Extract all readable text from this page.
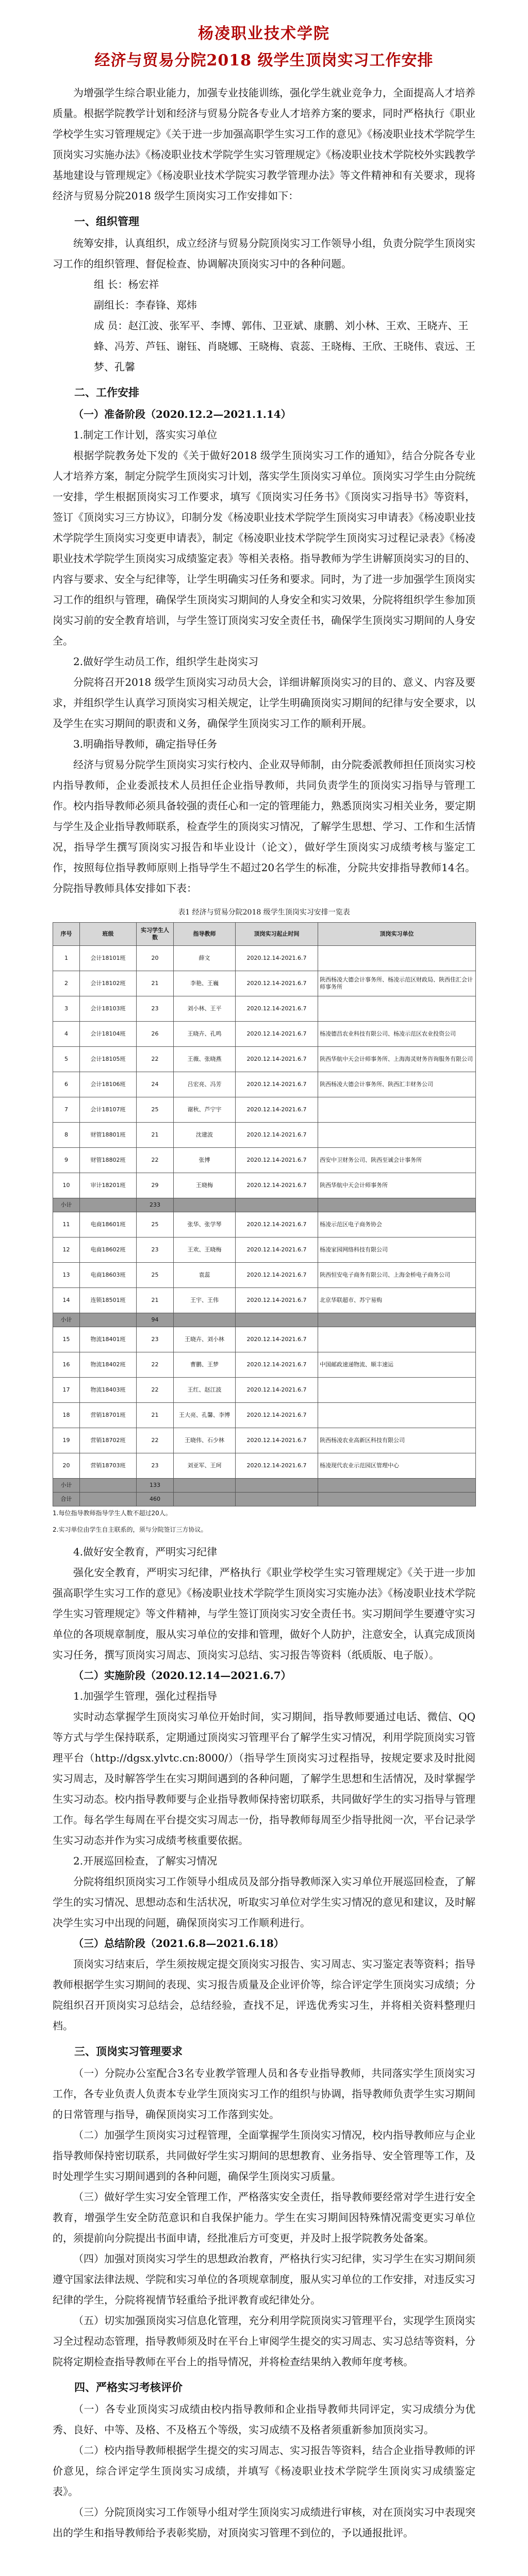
杨凌职业技术学院
经济与贸易分院2018 级学生顶岗实习工作安排

为增强学生综合职业能力，加强专业技能训练，强化学生就业竞争力，全面提高人才培养质量。根据学院教学计划和经济与贸易分院各专业人才培养方案的要求，同时严格执行《职业学校学生实习管理规定》《关于进一步加强高职学生实习工作的意见》《杨凌职业技术学院学生顶岗实习实施办法》《杨凌职业技术学院学生实习管理规定》《杨凌职业技术学院校外实践教学基地建设与管理规定》《杨凌职业技术学院实习教学管理办法》等文件精神和有关要求，现将经济与贸易分院2018 级学生顶岗实习工作安排如下：

一、组织管理

统筹安排，认真组织，成立经济与贸易分院顶岗实习工作领导小组，负责分院学生顶岗实习工作的组织管理、督促检查、协调解决顶岗实习中的各种问题。

组 长：杨宏祥

副组长：李春锋、郑炜

成 员：赵江波、张军平、李博、郭伟、卫亚斌、康鹏、刘小林、王欢、王晓卉、王蜂、冯芳、芦钰、谢钰、肖晓娜、王晓梅、袁蕊、王晓梅、王欣、王晓伟、袁远、王梦、孔馨

二、工作安排

（一）准备阶段（2020.12.2—2021.1.14）

1.制定工作计划，落实实习单位

根据学院教务处下发的《关于做好2018 级学生顶岗实习工作的通知》，结合分院各专业人才培养方案，制定分院学生顶岗实习计划，落实学生顶岗实习单位。顶岗实习学生由分院统一安排，学生根据顶岗实习工作要求，填写《顶岗实习任务书》《顶岗实习指导书》等资料，签订《顶岗实习三方协议》，印制分发《杨凌职业技术学院学生顶岗实习申请表》《杨凌职业技术学院学生顶岗实习变更申请表》，制定《杨凌职业技术学院学生顶岗实习过程记录表》《杨凌职业技术学院学生顶岗实习成绩鉴定表》等相关表格。指导教师为学生讲解顶岗实习的目的、内容与要求、安全与纪律等，让学生明确实习任务和要求。同时，为了进一步加强学生顶岗实习工作的组织与管理，确保学生顶岗实习期间的人身安全和实习效果，分院将组织学生参加顶岗实习前的安全教育培训，与学生签订顶岗实习安全责任书，确保学生顶岗实习期间的人身安全。

2.做好学生动员工作，组织学生赴岗实习

分院将召开2018 级学生顶岗实习动员大会，详细讲解顶岗实习的目的、意义、内容及要求，并组织学生认真学习顶岗实习相关规定，让学生明确顶岗实习期间的纪律与安全要求，以及学生在实习期间的职责和义务，确保学生顶岗实习工作的顺利开展。

3.明确指导教师，确定指导任务

经济与贸易分院学生顶岗实习实行校内、企业双导师制，由分院委派教师担任顶岗实习校内指导教师，企业委派技术人员担任企业指导教师，共同负责学生的顶岗实习指导与管理工作。校内指导教师必须具备较强的责任心和一定的管理能力，熟悉顶岗实习相关业务，要定期与学生及企业指导教师联系，检查学生的顶岗实习情况，了解学生思想、学习、工作和生活情况，指导学生撰写顶岗实习报告和毕业设计（论文），做好学生顶岗实习成绩考核与鉴定工作，按照每位指导教师原则上指导学生不超过20名学生的标准，分院共安排指导教师14名。分院指导教师具体安排如下表：

表1 经济与贸易分院2018 级学生顶岗实习安排一览表
序号	班级	实习学生人数	指导教师	顶岗实习起止时间	顶岗实习单位
1	会计18101班	20	薛文	2020.12.14-2021.6.7	
2	会计18102班	21	李艳、王巍	2020.12.14-2021.6.7	陕西杨凌大德会计事务所、杨凌示范区财政局、陕西佳汇会计师事务所
3	会计18103班	23	刘小林、王平	2020.12.14-2021.6.7	
4	会计18104班	26	王晓卉、孔鸣	2020.12.14-2021.6.7	杨凌德昌农业科技有限公司、杨凌示范区农业投资公司
5	会计18105班	22	王薇、张晓燕	2020.12.14-2021.6.7	陕西华航中天会计师事务所、上海海灵财务咨询服务有限公司
6	会计18106班	24	吕宏亮、冯芳	2020.12.14-2021.6.7	陕西杨凌大德会计事务所、陕西汇丰财务公司
7	会计18107班	25	谢秋、芦宁宇	2020.12.14-2021.6.7	
8	财管18801班	21	沈建波	2020.12.14-2021.6.7	
9	财管18802班	22	张博	2020.12.14-2021.6.7	西安中卫财务公司、陕西至诚会计事务所
10	审计18201班	29	王晓梅	2020.12.14-2021.6.7	陕西华航中天会计师事务所
小计		233			
11	电商18601班	25	张华、张学琴	2020.12.14-2021.6.7	杨凌示范区电子商务协会
12	电商18602班	23	王欢、王晓梅	2020.12.14-2021.6.7	杨凌家园网络科技有限公司
13	电商18603班	25	袁蕊	2020.12.14-2021.6.7	陕西恒安电子商务有限公司、上海金桥电子商务公司
14	连锁18501班	21	王宇、王伟	2020.12.14-2021.6.7	北京华联超市、苏宁易购
小计		94			
15	物流18401班	23	王晓卉、刘小林	2020.12.14-2021.6.7	
16	物流18402班	22	曹鹏、王梦	2020.12.14-2021.6.7	中国邮政速递物流、顺丰速运
17	物流18403班	22	王红、赵江波	2020.12.14-2021.6.7	
18	营销18701班	21	王大亮、孔馨、李博	2020.12.14-2021.6.7	
19	营销18702班	22	王晓伟、石少林	2020.12.14-2021.6.7	陕西杨凌农业高新区科技有限公司
20	营销18703班	23	刘亚军、王珂	2020.12.14-2021.6.7	杨凌现代农业示范园区管理中心
小计		133			
合计		460			
1.每位指导教师指导学生人数不超过20人。
2.实习单位由学生自主联系的，须与分院签订三方协议。

4.做好安全教育，严明实习纪律

强化安全教育，严明实习纪律，严格执行《职业学校学生实习管理规定》《关于进一步加强高职学生实习工作的意见》《杨凌职业技术学院学生顶岗实习实施办法》《杨凌职业技术学院学生实习管理规定》等文件精神，与学生签订顶岗实习安全责任书。实习期间学生要遵守实习单位的各项规章制度，服从实习单位的安排和管理，做好个人防护，注意安全，认真完成顶岗实习任务，撰写顶岗实习周志、顶岗实习总结、实习报告等资料（纸质版、电子版）。

（二）实施阶段（2020.12.14—2021.6.7）

1.加强学生管理，强化过程指导

实时动态掌握学生顶岗实习单位开始时间，实习期间，指导教师要通过电话、微信、QQ 等方式与学生保持联系，定期通过顶岗实习管理平台了解学生实习情况，利用学院顶岗实习管理平台（http://dgsx.ylvtc.cn:8000/）（指导学生顶岗实习过程指导，按规定要求及时批阅实习周志，及时解答学生在实习期间遇到的各种问题，了解学生思想和生活情况，及时掌握学生实习动态。校内指导教师要与企业指导教师保持密切联系，共同做好学生的实习指导与管理工作。每名学生每周在平台提交实习周志一份，指导教师每周至少指导批阅一次，平台记录学生实习动态并作为实习成绩考核重要依据。

2.开展巡回检查，了解实习情况

分院将组织顶岗实习工作领导小组成员及部分指导教师深入实习单位开展巡回检查，了解学生的实习情况、思想动态和生活状况，听取实习单位对学生实习情况的意见和建议，及时解决学生实习中出现的问题，确保顶岗实习工作顺利进行。

（三）总结阶段（2021.6.8—2021.6.18）

顶岗实习结束后，学生须按规定提交顶岗实习报告、实习周志、实习鉴定表等资料；指导教师根据学生实习期间的表现、实习报告质量及企业评价等，综合评定学生顶岗实习成绩；分院组织召开顶岗实习总结会，总结经验，查找不足，评选优秀实习生，并将相关资料整理归档。

三、顶岗实习管理要求

（一）分院办公室配合3名专业教学管理人员和各专业指导教师，共同落实学生顶岗实习工作，各专业负责人负责本专业学生顶岗实习工作的组织与协调，指导教师负责学生实习期间的日常管理与指导，确保顶岗实习工作落到实处。

（二）加强学生顶岗实习过程管理，全面掌握学生顶岗实习情况，校内指导教师应与企业指导教师保持密切联系，共同做好学生实习期间的思想教育、业务指导、安全管理等工作，及时处理学生实习期间遇到的各种问题，确保学生顶岗实习质量。

（三）做好学生实习安全管理工作，严格落实安全责任，指导教师要经常对学生进行安全教育，增强学生安全防范意识和自我保护能力。学生在实习期间因特殊情况需变更实习单位的，须提前向分院提出书面申请，经批准后方可变更，并及时上报学院教务处备案。

（四）加强对顶岗实习学生的思想政治教育，严格执行实习纪律，实习学生在实习期间须遵守国家法律法规、学院和实习单位的各项规章制度，服从实习单位的工作安排，对违反实习纪律的学生，分院将视情节轻重给予批评教育或纪律处分。

（五）切实加强顶岗实习信息化管理，充分利用学院顶岗实习管理平台，实现学生顶岗实习全过程动态管理，指导教师须及时在平台上审阅学生提交的实习周志、实习总结等资料，分院将定期检查指导教师在平台上的指导情况，并将检查结果纳入教师年度考核。

四、严格实习考核评价

（一）各专业顶岗实习成绩由校内指导教师和企业指导教师共同评定，实习成绩分为优秀、良好、中等、及格、不及格五个等级，实习成绩不及格者须重新参加顶岗实习。

（二）校内指导教师根据学生提交的实习周志、实习报告等资料，结合企业指导教师的评价意见，综合评定学生顶岗实习成绩，并填写《杨凌职业技术学院学生顶岗实习成绩鉴定表》。

（三）分院顶岗实习工作领导小组对学生顶岗实习成绩进行审核，对在顶岗实习中表现突出的学生和指导教师给予表彰奖励，对顶岗实习管理不到位的，予以通报批评。
